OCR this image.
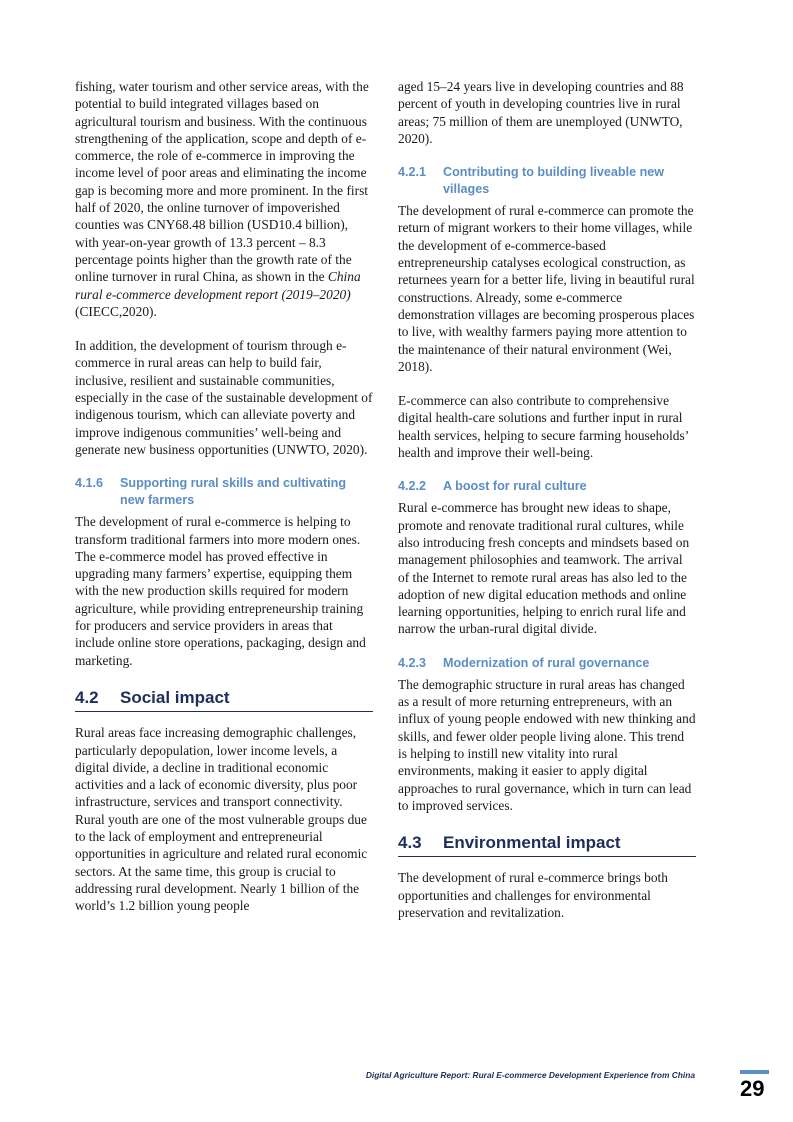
fishing, water tourism and other service areas, with the potential to build integrated villages based on agricultural tourism and business. With the continuous strengthening of the application, scope and depth of e-commerce, the role of e-commerce in improving the income level of poor areas and eliminating the income gap is becoming more and more prominent. In the first half of 2020, the online turnover of impoverished counties was CNY68.48 billion (USD10.4 billion), with year-on-year growth of 13.3 percent – 8.3 percentage points higher than the growth rate of the online turnover in rural China, as shown in the China rural e-commerce development report (2019–2020) (CIECC,2020).

In addition, the development of tourism through e-commerce in rural areas can help to build fair, inclusive, resilient and sustainable communities, especially in the case of the sustainable development of indigenous tourism, which can alleviate poverty and improve indigenous communities’ well-being and generate new business opportunities (UNWTO, 2020).

4.1.6	Supporting rural skills and cultivating new farmers

The development of rural e-commerce is helping to transform traditional farmers into more modern ones. The e-commerce model has proved effective in upgrading many farmers’ expertise, equipping them with the new production skills required for modern agriculture, while providing entrepreneurship training for producers and service providers in areas that include online store operations, packaging, design and marketing.

4.2	Social impact

Rural areas face increasing demographic challenges, particularly depopulation, lower income levels, a digital divide, a decline in traditional economic activities and a lack of economic diversity, plus poor infrastructure, services and transport connectivity. Rural youth are one of the most vulnerable groups due to the lack of employment and entrepreneurial opportunities in agriculture and related rural economic sectors. At the same time, this group is crucial to addressing rural development. Nearly 1 billion of the world’s 1.2 billion young people

aged 15–24 years live in developing countries and 88 percent of youth in developing countries live in rural areas; 75 million of them are unemployed (UNWTO, 2020).

4.2.1	Contributing to building liveable new villages

The development of rural e-commerce can promote the return of migrant workers to their home villages, while the development of e-commerce-based entrepreneurship catalyses ecological construction, as returnees yearn for a better life, living in beautiful rural constructions. Already, some e-commerce demonstration villages are becoming prosperous places to live, with wealthy farmers paying more attention to the maintenance of their natural environment (Wei, 2018).

E-commerce can also contribute to comprehensive digital health-care solutions and further input in rural health services, helping to secure farming households’ health and improve their well-being.

4.2.2	A boost for rural culture

Rural e-commerce has brought new ideas to shape, promote and renovate traditional rural cultures, while also introducing fresh concepts and mindsets based on management philosophies and teamwork. The arrival of the Internet to remote rural areas has also led to the adoption of new digital education methods and online learning opportunities, helping to enrich rural life and narrow the urban-rural digital divide.

4.2.3	Modernization of rural governance

The demographic structure in rural areas has changed as a result of more returning entrepreneurs, with an influx of young people endowed with new thinking and skills, and fewer older people living alone. This trend is helping to instill new vitality into rural environments, making it easier to apply digital approaches to rural governance, which in turn can lead to improved services.

4.3	Environmental impact

The development of rural e-commerce brings both opportunities and challenges for environmental preservation and revitalization.

Digital Agriculture Report: Rural E-commerce Development Experience from China
29
